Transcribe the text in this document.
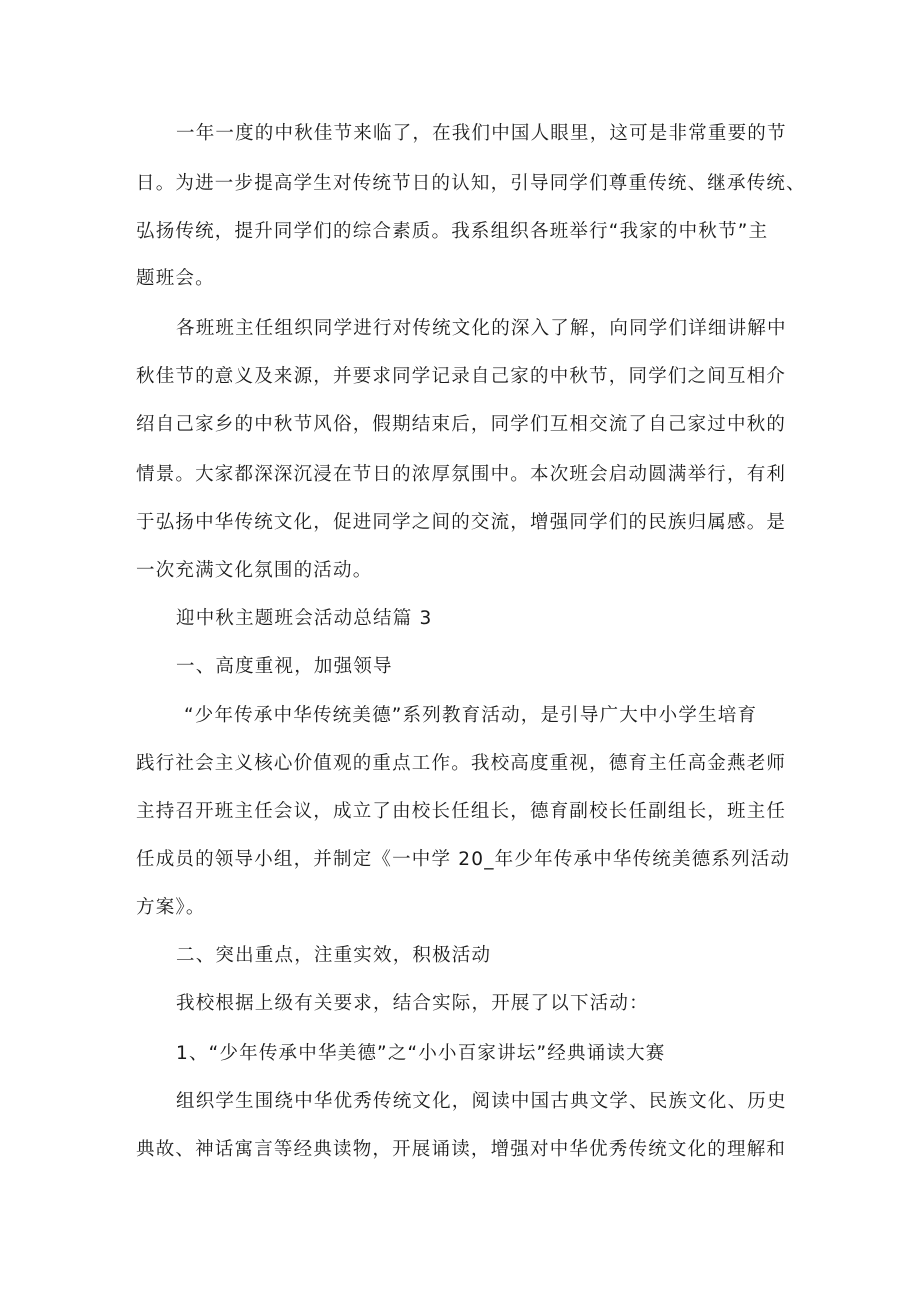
一年一度的中秋佳节来临了，在我们中国人眼里，这可是非常重要的节
日。为进一步提高学生对传统节日的认知，引导同学们尊重传统、继承传统、
弘扬传统，提升同学们的综合素质。我系组织各班举行“我家的中秋节”主
题班会。
各班班主任组织同学进行对传统文化的深入了解，向同学们详细讲解中
秋佳节的意义及来源，并要求同学记录自己家的中秋节，同学们之间互相介
绍自己家乡的中秋节风俗，假期结束后，同学们互相交流了自己家过中秋的
情景。大家都深深沉浸在节日的浓厚氛围中。本次班会启动圆满举行，有利
于弘扬中华传统文化，促进同学之间的交流，增强同学们的民族归属感。是
一次充满文化氛围的活动。
迎中秋主题班会活动总结篇 3
一、高度重视，加强领导
“少年传承中华传统美德”系列教育活动，是引导广大中小学生培育
践行社会主义核心价值观的重点工作。我校高度重视，德育主任高金燕老师
主持召开班主任会议，成立了由校长任组长，德育副校长任副组长，班主任
任成员的领导小组，并制定《一中学 20_年少年传承中华传统美德系列活动
方案》。
二、突出重点，注重实效，积极活动
我校根据上级有关要求，结合实际，开展了以下活动：
1、“少年传承中华美德”之“小小百家讲坛”经典诵读大赛
组织学生围绕中华优秀传统文化，阅读中国古典文学、民族文化、历史
典故、神话寓言等经典读物，开展诵读，增强对中华优秀传统文化的理解和
